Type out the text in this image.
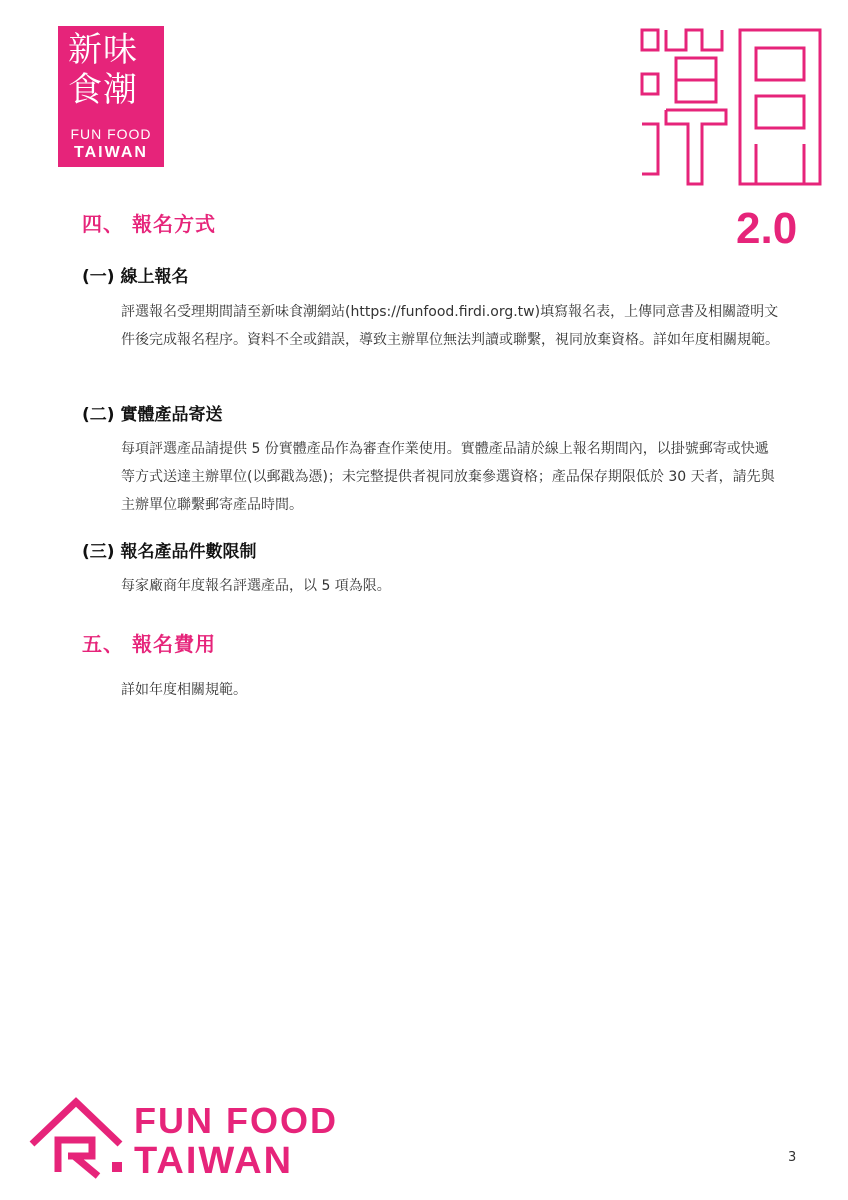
新味
食潮
FUN FOOD
TAIWAN
2.0
四、 報名方式
(一) 線上報名
評選報名受理期間請至新味食潮網站(https://funfood.firdi.org.tw)填寫報名表，上傳同意書及相關證明文件後完成報名程序。資料不全或錯誤，導致主辦單位無法判讀或聯繫，視同放棄資格。詳如年度相關規範。
(二) 實體產品寄送
每項評選產品請提供 5 份實體產品作為審查作業使用。實體產品請於線上報名期間內，以掛號郵寄或快遞等方式送達主辦單位(以郵戳為憑)；未完整提供者視同放棄參選資格；產品保存期限低於 30 天者，請先與主辦單位聯繫郵寄產品時間。
(三) 報名產品件數限制
每家廠商年度報名評選產品，以 5 項為限。
五、 報名費用
詳如年度相關規範。
FUN FOOD
TAIWAN	3
